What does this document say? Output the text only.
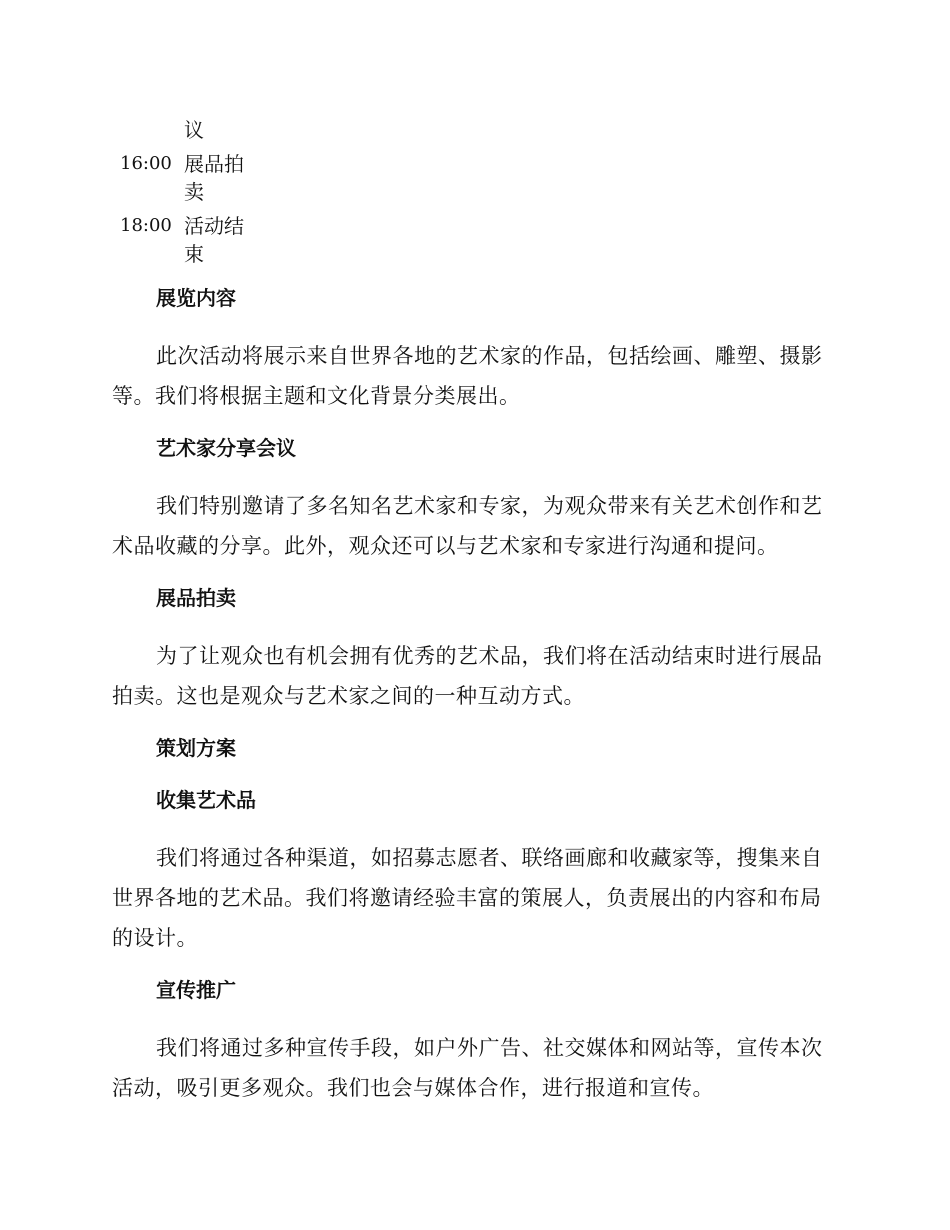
议
16:00 展品拍卖
18:00 活动结束
展览内容

此次活动将展示来自世界各地的艺术家的作品，包括绘画、雕塑、摄影等。我们将根据主题和文化背景分类展出。

艺术家分享会议

我们特别邀请了多名知名艺术家和专家，为观众带来有关艺术创作和艺术品收藏的分享。此外，观众还可以与艺术家和专家进行沟通和提问。

展品拍卖

为了让观众也有机会拥有优秀的艺术品，我们将在活动结束时进行展品拍卖。这也是观众与艺术家之间的一种互动方式。

策划方案
收集艺术品

我们将通过各种渠道，如招募志愿者、联络画廊和收藏家等，搜集来自世界各地的艺术品。我们将邀请经验丰富的策展人，负责展出的内容和布局的设计。

宣传推广

我们将通过多种宣传手段，如户外广告、社交媒体和网站等，宣传本次活动，吸引更多观众。我们也会与媒体合作，进行报道和宣传。
